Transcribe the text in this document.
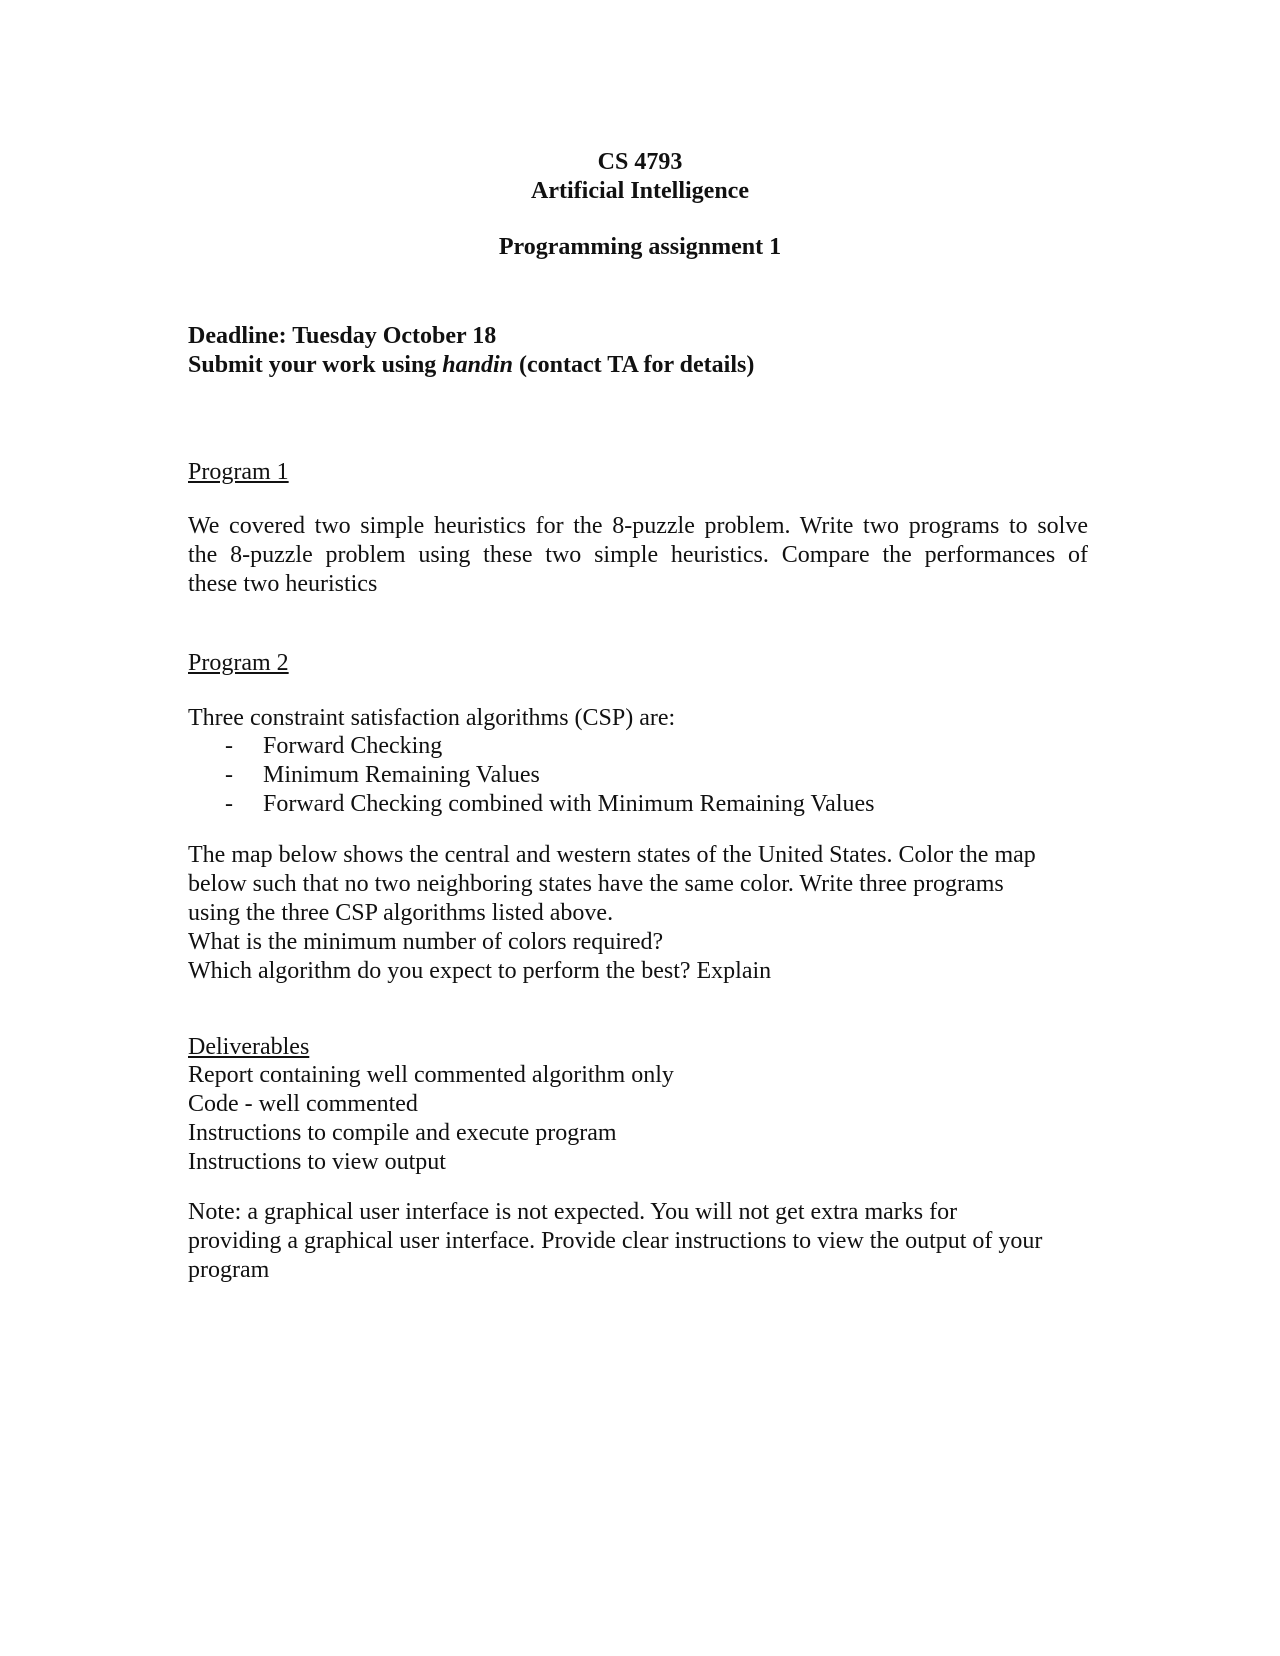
CS 4793
Artificial Intelligence
Programming assignment 1
Deadline: Tuesday October 18
Submit your work using handin (contact TA for details)
Program 1
We covered two simple heuristics for the 8-puzzle problem. Write two programs to solve
the 8-puzzle problem using these two simple heuristics. Compare the performances of
these two heuristics
Program 2
Three constraint satisfaction algorithms (CSP) are:
- Forward Checking
- Minimum Remaining Values
- Forward Checking combined with Minimum Remaining Values
The map below shows the central and western states of the United States. Color the map
below such that no two neighboring states have the same color. Write three programs
using the three CSP algorithms listed above.
What is the minimum number of colors required?
Which algorithm do you expect to perform the best? Explain
Deliverables
Report containing well commented algorithm only
Code - well commented
Instructions to compile and execute program
Instructions to view output
Note: a graphical user interface is not expected. You will not get extra marks for
providing a graphical user interface. Provide clear instructions to view the output of your
program
